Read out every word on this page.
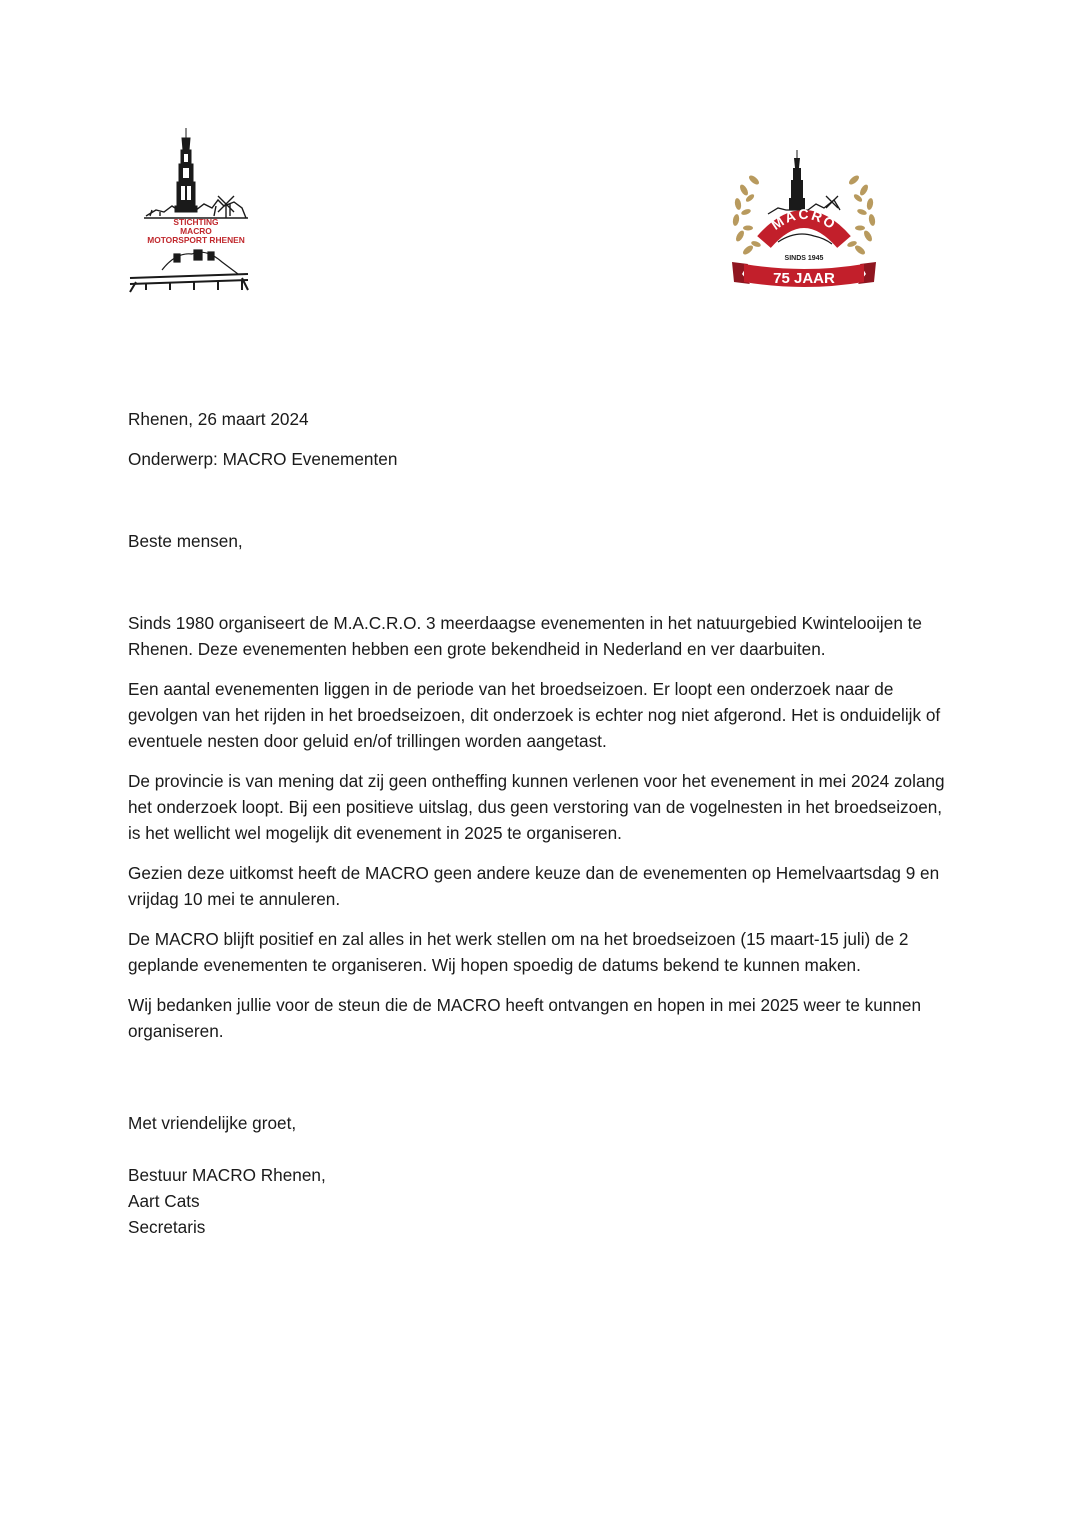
STICHTING
MACRO
MOTORSPORT RHENEN
MACRO
SINDS 1945
75 JAAR

Rhenen, 26 maart 2024

Onderwerp: MACRO Evenementen

Beste mensen,

Sinds 1980 organiseert de M.A.C.R.O. 3 meerdaagse evenementen in het natuurgebied Kwintelooijen te Rhenen. Deze evenementen hebben een grote bekendheid in Nederland en ver daarbuiten.

Een aantal evenementen liggen in de periode van het broedseizoen. Er loopt een onderzoek naar de gevolgen van het rijden in het broedseizoen, dit onderzoek is echter nog niet afgerond. Het is onduidelijk of eventuele nesten door geluid en/of trillingen worden aangetast.

De provincie is van mening dat zij geen ontheffing kunnen verlenen voor het evenement in mei 2024 zolang het onderzoek loopt. Bij een positieve uitslag, dus geen verstoring van de vogelnesten in het broedseizoen, is het wellicht wel mogelijk dit evenement in 2025 te organiseren.

Gezien deze uitkomst heeft de MACRO geen andere keuze dan de evenementen op Hemelvaartsdag 9 en vrijdag 10 mei te annuleren.

De MACRO blijft positief en zal alles in het werk stellen om na het broedseizoen (15 maart-15 juli) de 2 geplande evenementen te organiseren. Wij hopen spoedig de datums bekend te kunnen maken.

Wij bedanken jullie voor de steun die de MACRO heeft ontvangen en hopen in mei 2025 weer te kunnen organiseren.

Met vriendelijke groet,

Bestuur MACRO Rhenen,

Aart Cats

Secretaris
